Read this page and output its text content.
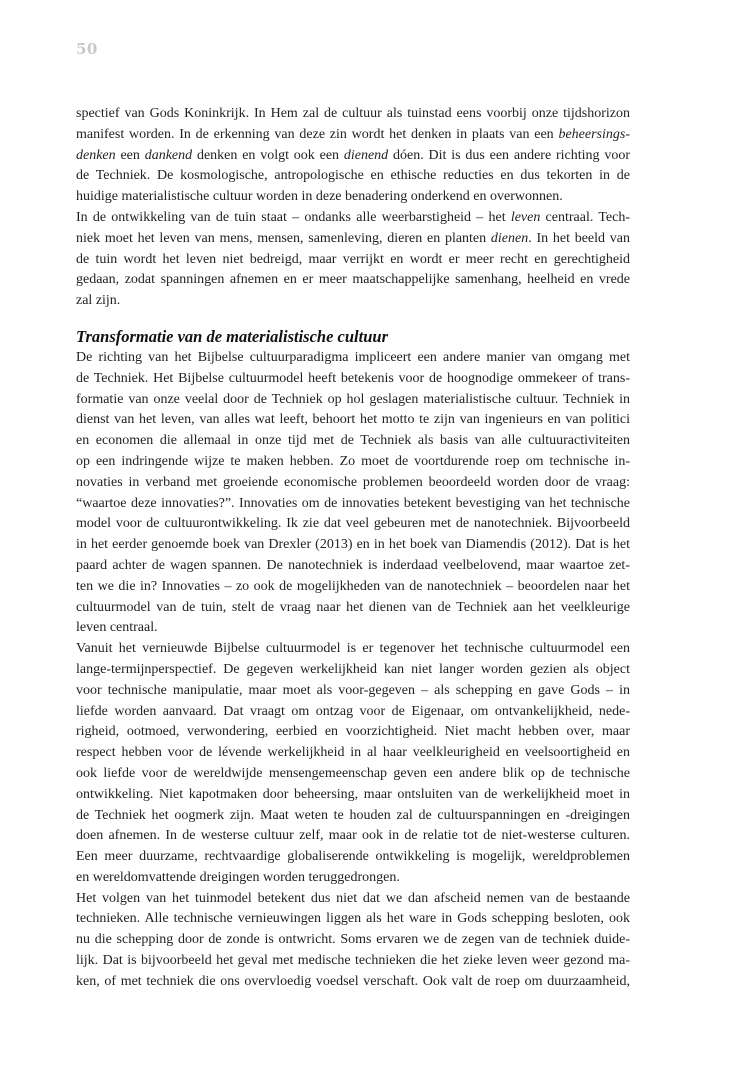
50
spectief van Gods Koninkrijk. In Hem zal de cultuur als tuinstad eens voorbij onze tijdshorizon
manifest worden. In de erkenning van deze zin wordt het denken in plaats van een beheersings-
denken een dankend denken en volgt ook een dienend dóen. Dit is dus een andere richting voor
de Techniek. De kosmologische, antropologische en ethische reducties en dus tekorten in de
huidige materialistische cultuur worden in deze benadering onderkend en overwonnen.
In de ontwikkeling van de tuin staat – ondanks alle weerbarstigheid – het leven centraal. Tech-
niek moet het leven van mens, mensen, samenleving, dieren en planten dienen. In het beeld van
de tuin wordt het leven niet bedreigd, maar verrijkt en wordt er meer recht en gerechtigheid
gedaan, zodat spanningen afnemen en er meer maatschappelijke samenhang, heelheid en vrede
zal zijn.
Transformatie van de materialistische cultuur
De richting van het Bijbelse cultuurparadigma impliceert een andere manier van omgang met
de Techniek. Het Bijbelse cultuurmodel heeft betekenis voor de hoognodige ommekeer of trans-
formatie van onze veelal door de Techniek op hol geslagen materialistische cultuur. Techniek in
dienst van het leven, van alles wat leeft, behoort het motto te zijn van ingenieurs en van politici
en economen die allemaal in onze tijd met de Techniek als basis van alle cultuuractiviteiten
op een indringende wijze te maken hebben. Zo moet de voortdurende roep om technische in-
novaties in verband met groeiende economische problemen beoordeeld worden door de vraag:
“waartoe deze innovaties?”. Innovaties om de innovaties betekent bevestiging van het technische
model voor de cultuurontwikkeling. Ik zie dat veel gebeuren met de nanotechniek. Bijvoorbeeld
in het eerder genoemde boek van Drexler (2013) en in het boek van Diamendis (2012). Dat is het
paard achter de wagen spannen. De nanotechniek is inderdaad veelbelovend, maar waartoe zet-
ten we die in? Innovaties – zo ook de mogelijkheden van de nanotechniek – beoordelen naar het
cultuurmodel van de tuin, stelt de vraag naar het dienen van de Techniek aan het veelkleurige
leven centraal.
Vanuit het vernieuwde Bijbelse cultuurmodel is er tegenover het technische cultuurmodel een
lange-termijnperspectief. De gegeven werkelijkheid kan niet langer worden gezien als object
voor technische manipulatie, maar moet als voor-gegeven – als schepping en gave Gods – in
liefde worden aanvaard. Dat vraagt om ontzag voor de Eigenaar, om ontvankelijkheid, nede-
righeid, ootmoed, verwondering, eerbied en voorzichtigheid. Niet macht hebben over, maar
respect hebben voor de lévende werkelijkheid in al haar veelkleurigheid en veelsoortigheid en
ook liefde voor de wereldwijde mensengemeenschap geven een andere blik op de technische
ontwikkeling. Niet kapotmaken door beheersing, maar ontsluiten van de werkelijkheid moet in
de Techniek het oogmerk zijn. Maat weten te houden zal de cultuurspanningen en -dreigingen
doen afnemen. In de westerse cultuur zelf, maar ook in de relatie tot de niet-westerse culturen.
Een meer duurzame, rechtvaardige globaliserende ontwikkeling is mogelijk, wereldproblemen
en wereldomvattende dreigingen worden teruggedrongen.
Het volgen van het tuinmodel betekent dus niet dat we dan afscheid nemen van de bestaande
technieken. Alle technische vernieuwingen liggen als het ware in Gods schepping besloten, ook
nu die schepping door de zonde is ontwricht. Soms ervaren we de zegen van de techniek duide-
lijk. Dat is bijvoorbeeld het geval met medische technieken die het zieke leven weer gezond ma-
ken, of met techniek die ons overvloedig voedsel verschaft. Ook valt de roep om duurzaamheid,
